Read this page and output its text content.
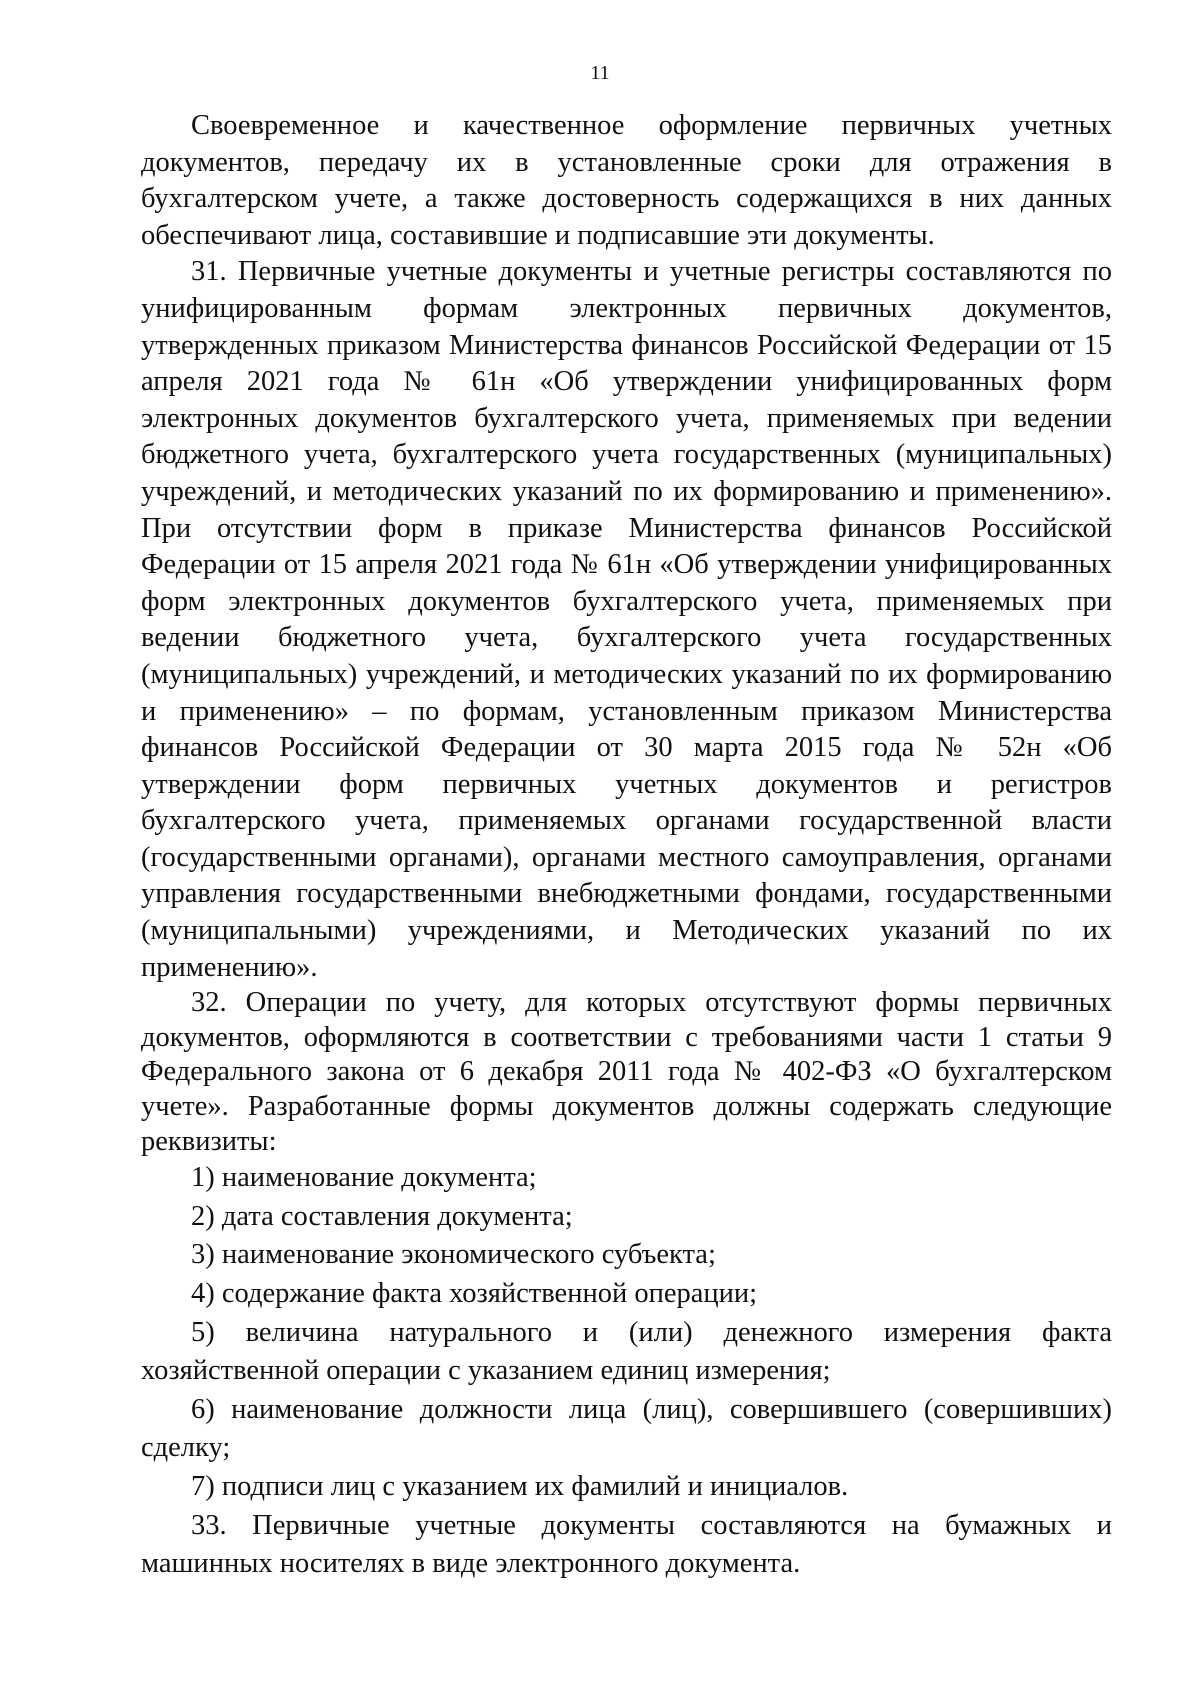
11

Своевременное и качественное оформление первичных учетных документов, передачу их в установленные сроки для отражения в бухгалтерском учете, а также достоверность содержащихся в них данных обеспечивают лица, составившие и подписавшие эти документы.

31. Первичные учетные документы и учетные регистры составляются по унифицированным формам электронных первичных документов, утвержденных приказом Министерства финансов Российской Федерации от 15 апреля 2021 года № 61н «Об утверждении унифицированных форм электронных документов бухгалтерского учета, применяемых при ведении бюджетного учета, бухгалтерского учета государственных (муниципальных) учреждений, и методических указаний по их формированию и применению». При отсутствии форм в приказе Министерства финансов Российской Федерации от 15 апреля 2021 года № 61н «Об утверждении унифицированных форм электронных документов бухгалтерского учета, применяемых при ведении бюджетного учета, бухгалтерского учета государственных (муниципальных) учреждений, и методических указаний по их формированию и применению» – по формам, установленным приказом Министерства финансов Российской Федерации от 30 марта 2015 года № 52н «Об утверждении форм первичных учетных документов и регистров бухгалтерского учета, применяемых органами государственной власти (государственными органами), органами местного самоуправления, органами управления государственными внебюджетными фондами, государственными (муниципальными) учреждениями, и Методических указаний по их применению».

32. Операции по учету, для которых отсутствуют формы первичных документов, оформляются в соответствии с требованиями части 1 статьи 9 Федерального закона от 6 декабря 2011 года № 402-ФЗ «О бухгалтерском учете». Разработанные формы документов должны содержать следующие реквизиты:

1) наименование документа;

2) дата составления документа;

3) наименование экономического субъекта;

4) содержание факта хозяйственной операции;

5) величина натурального и (или) денежного измерения факта хозяйственной операции с указанием единиц измерения;

6) наименование должности лица (лиц), совершившего (совершивших) сделку;

7) подписи лиц с указанием их фамилий и инициалов.

33. Первичные учетные документы составляются на бумажных и машинных носителях в виде электронного документа.
